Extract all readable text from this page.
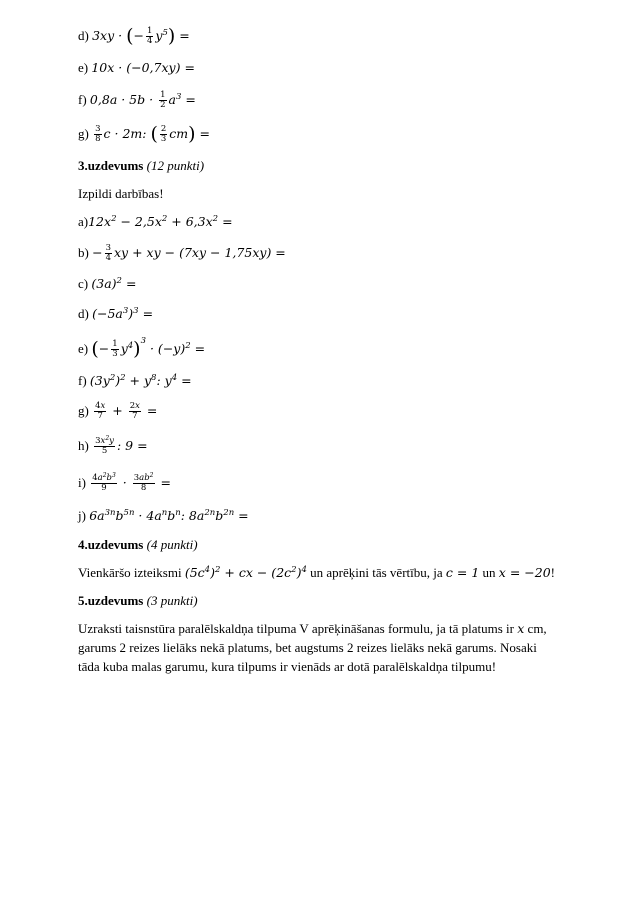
d) 3xy · (− $\frac{1}{4} y^5$) =
e) 10x · (−0,7xy) =
f) $0,8a \cdot 5b \cdot \frac{1}{2} a^3$ =
$g) \frac{3}{8}$ c · 2m: ( $\frac{2}{3} cm$) =
3.uzdevums (12 punkti)
Izpildi darbības!
$a)12x^2 - 2,5x^2 + 6,3x^2$ =
$b) - \frac{3}{4}$ xy + xy − (7xy − 1,75xy) =
c) $(3a)^2$ =
d) $(-5a^3)^3$ =
e) (− $\frac{1}{3} y^4)^3 \cdot (-y)^2$ =
f) $(3y^2)^2 + y^8$: $y^4$ =
$g) \frac{4x}{7} + \frac{2x}{7}$ =
$h) \frac{3x^2y}{5}$ : 9 =
$i) \frac{4a^2b^3}{9} \cdot \frac{3ab^2}{8}$ =
j) $6a^{3n}b^{5n} \cdot 4a^nb^n$: $8a^{2n}b^{2n}$ =
4.uzdevums (4 punkti)
Vienkāršo izteiksmi $(5c^4)^2$ + cx − $(2c^2)^4$ un aprēķini tās vērtību, ja c = 1 un x = −20!
5.uzdevums (3 punkti)
Uzraksti taisnstūra paralēlskaldņa tilpuma V aprēķināšanas formulu, ja tā platums ir x cm, garums 2 reizes lielāks nekā platums, bet augstums 2 reizes lielāks nekā garums. Nosaki tāda kuba malas garumu, kura tilpums ir vienāds ar dotā paralēlskaldņa tilpumu!
